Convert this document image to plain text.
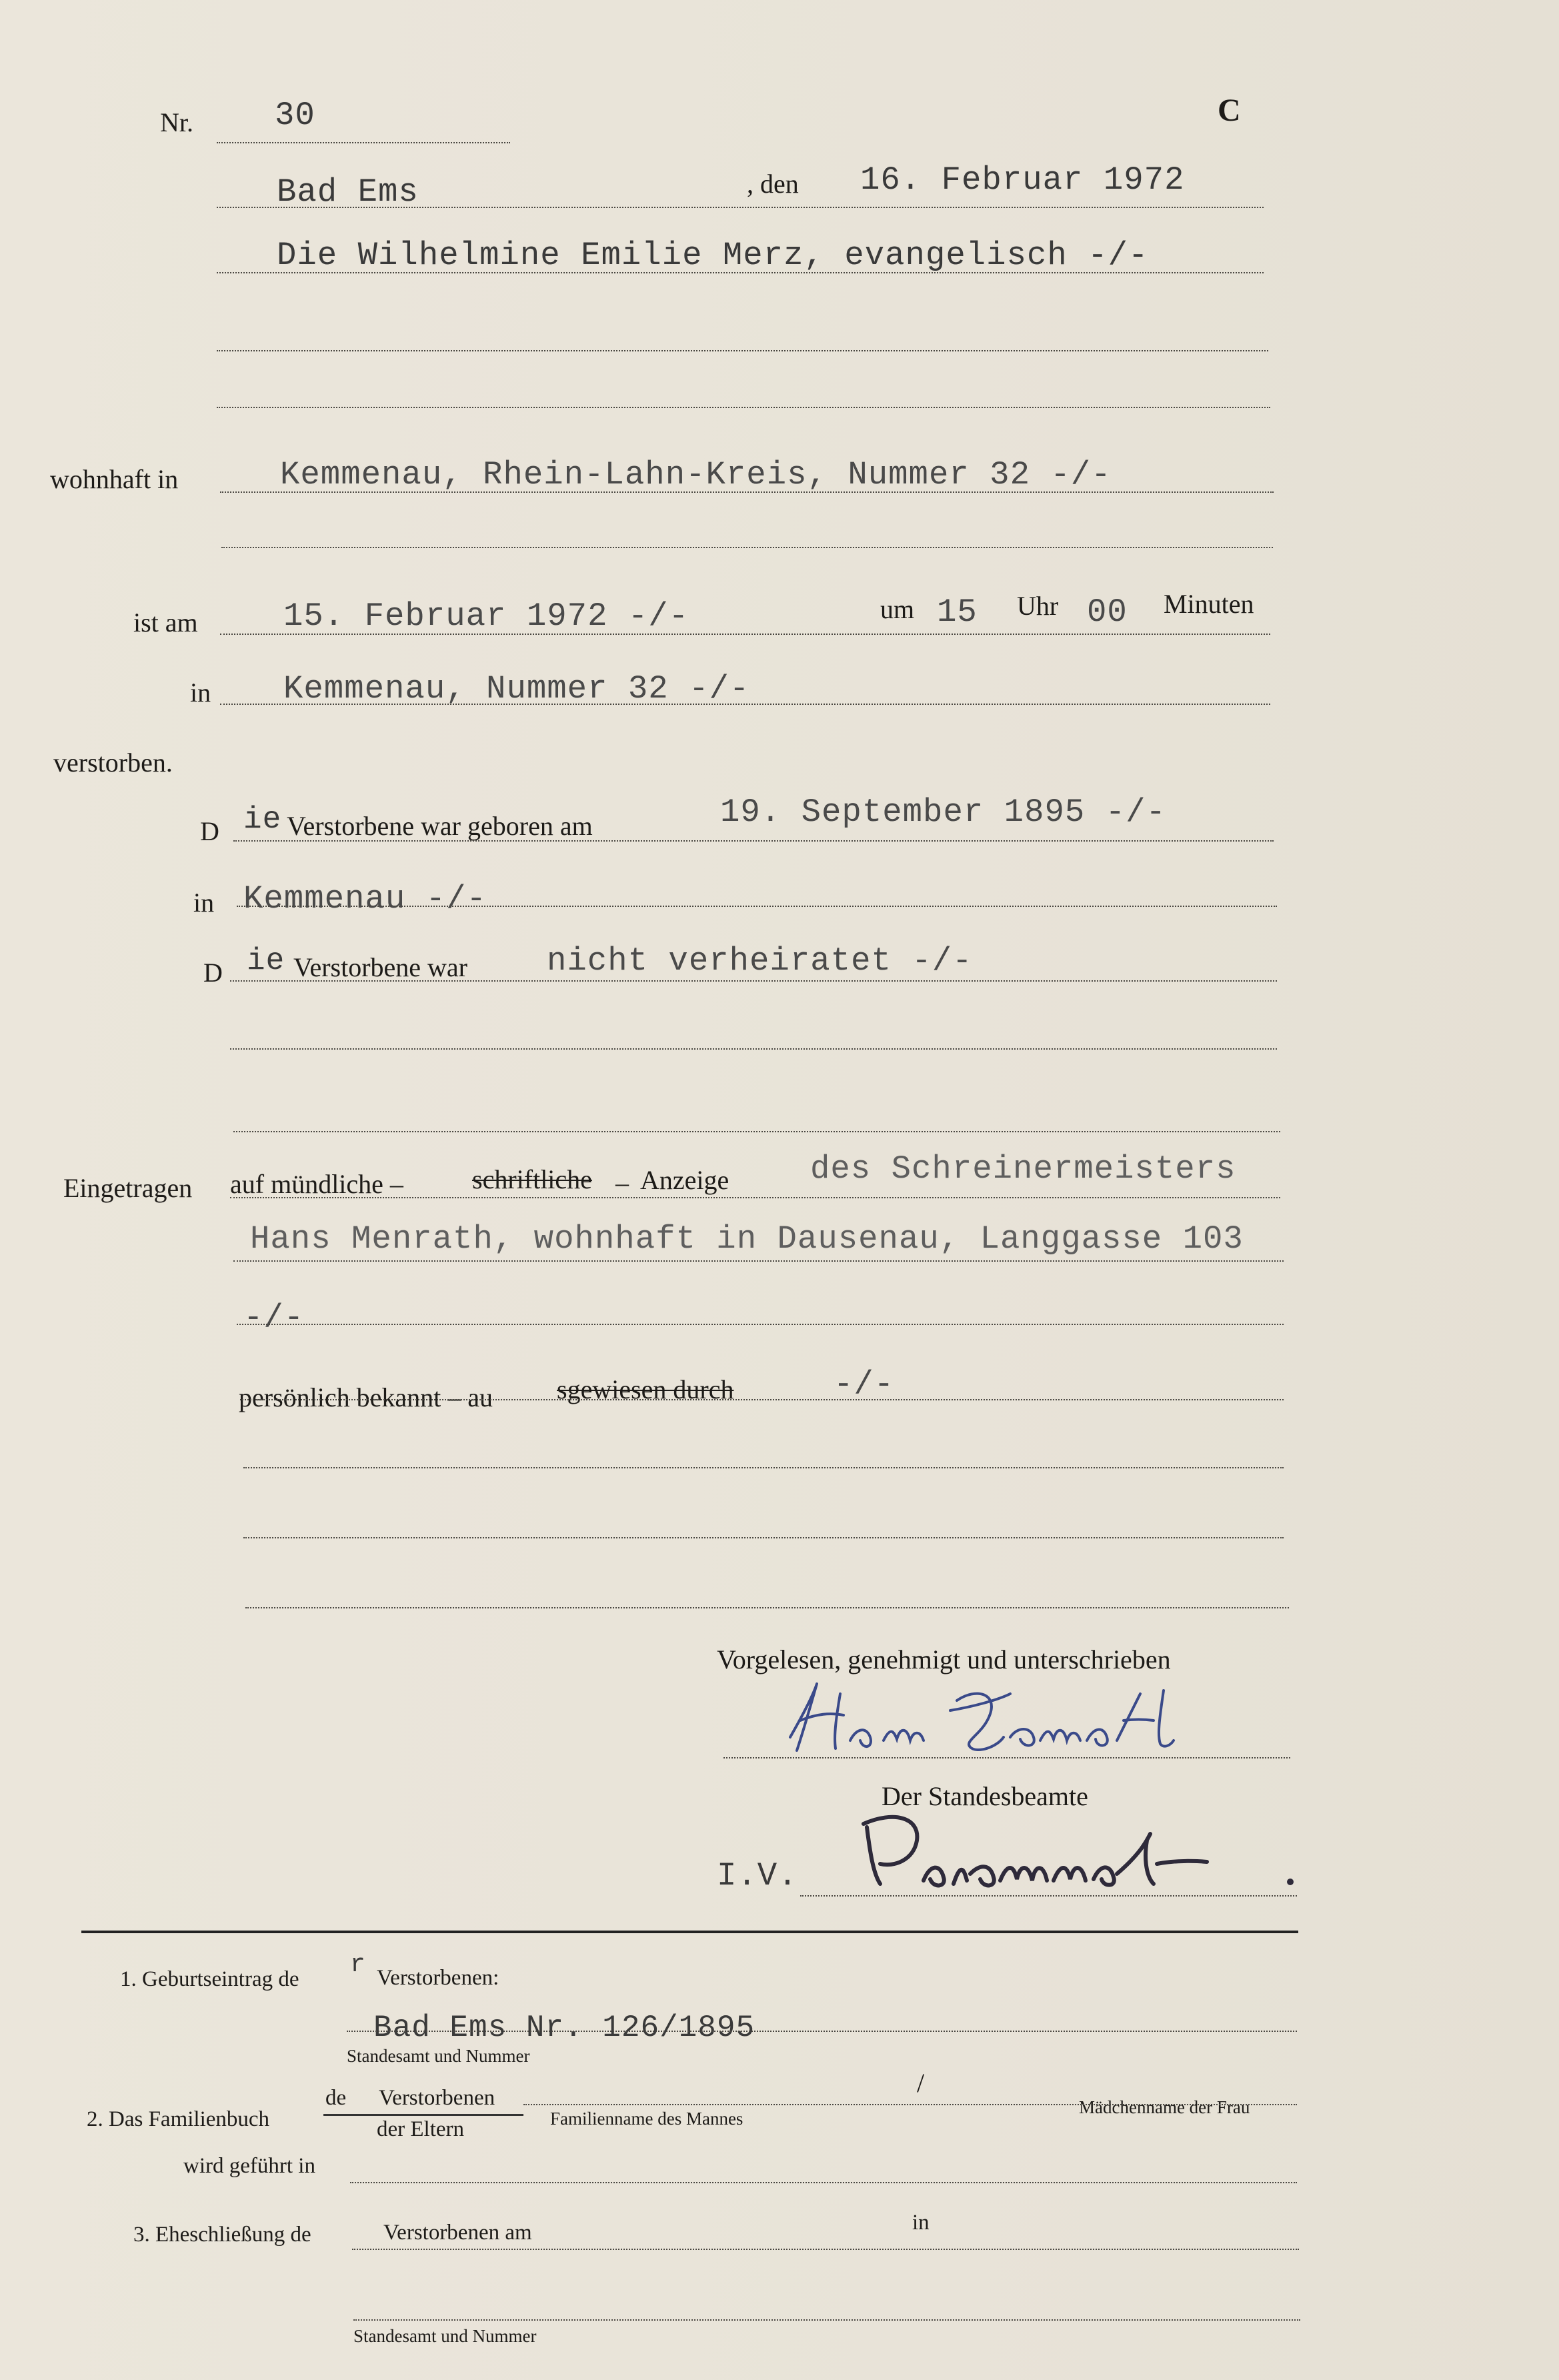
Nr. 30	C
Bad Ems	, den 16. Februar 1972
Die Wilhelmine Emilie Merz, evangelisch -/-
wohnhaft in	Kemmenau, Rhein-Lahn-Kreis, Nummer 32 -/-
ist am	15. Februar 1972 -/-	um 15 Uhr 00 Minuten
in Kemmenau, Nummer 32 -/-
verstorben.
D ie Verstorbene war geboren am	19. September 1895 -/-
in Kemmenau -/-
D ie Verstorbene war nicht verheiratet -/-
Eingetragen auf mündliche –	schriftliche – Anzeige des Schreinermeisters
Hans Menrath, wohnhaft in Dausenau, Langgasse 103
-/-
persönlich bekannt – au sgewiesen durch	-/-
Vorgelesen, genehmigt und unterschrieben
Der Standesbeamte
I.V.
1. Geburtseintrag de r Verstorbenen:
Bad Ems Nr. 126/1895
Standesamt und Nummer
2. Das Familienbuch
de Verstorbenen
der Eltern	Familienname des Mannes
/
Mädchenname der Frau
wird geführt in
3. Eheschließung de	Verstorbenen am	in
Standesamt und Nummer
